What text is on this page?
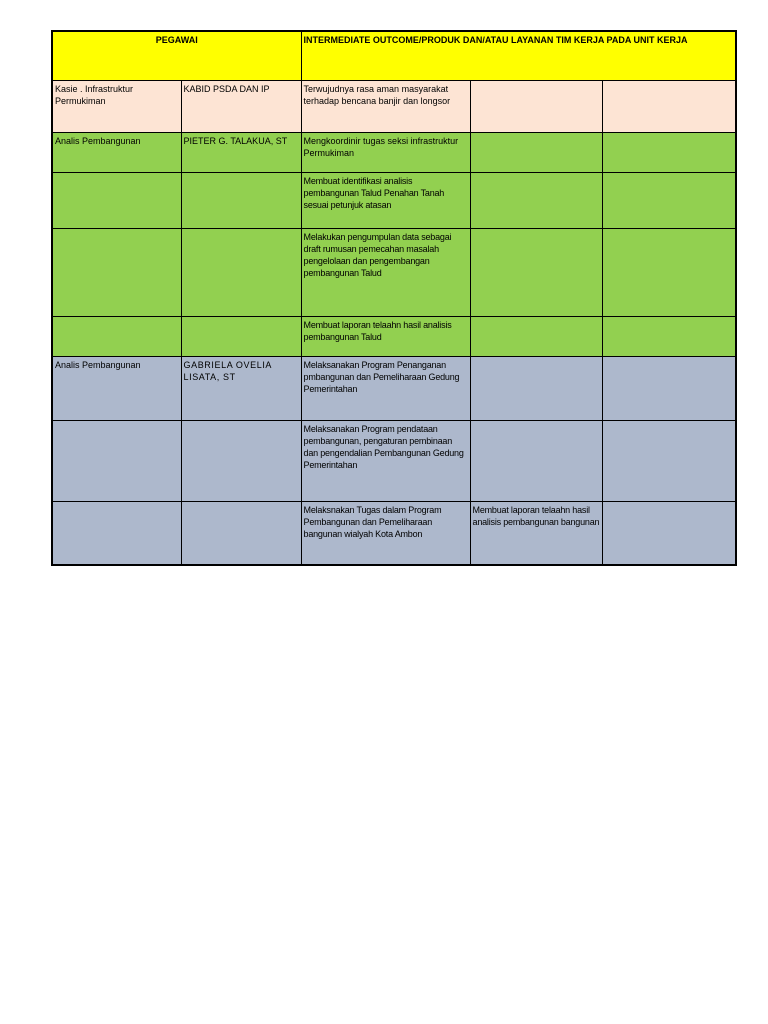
PEGAWAI		INTERMEDIATE OUTCOME/PRODUK DAN/ATAU LAYANAN TIM KERJA PADA UNIT KERJA		
Kasie . Infrastruktur Permukiman	KABID PSDA DAN IP	Terwujudnya rasa aman masyarakat terhadap bencana banjir dan longsor		
Analis Pembangunan	PIETER G. TALAKUA, ST	Mengkoordinir tugas seksi infrastruktur Permukiman		
		Membuat identifikasi analisis pembangunan Talud Penahan Tanah sesuai petunjuk atasan		
		Melakukan pengumpulan data sebagai draft rumusan pemecahan masalah pengelolaan dan pengembangan pembangunan Talud		
		Membuat laporan telaahn hasil analisis pembangunan Talud		
Analis Pembangunan	GABRIELA OVELIA LISATA, ST	Melaksanakan Program Penanganan pmbangunan dan Pemeliharaan Gedung Pemerintahan		
		Melaksanakan Program pendataan pembangunan, pengaturan pembinaan dan pengendalian Pembangunan Gedung Pemerintahan		
		Melaksnakan Tugas dalam Program Pembangunan dan Pemeliharaan bangunan wialyah Kota Ambon	Membuat laporan telaahn hasil analisis pembangunan bangunan	
